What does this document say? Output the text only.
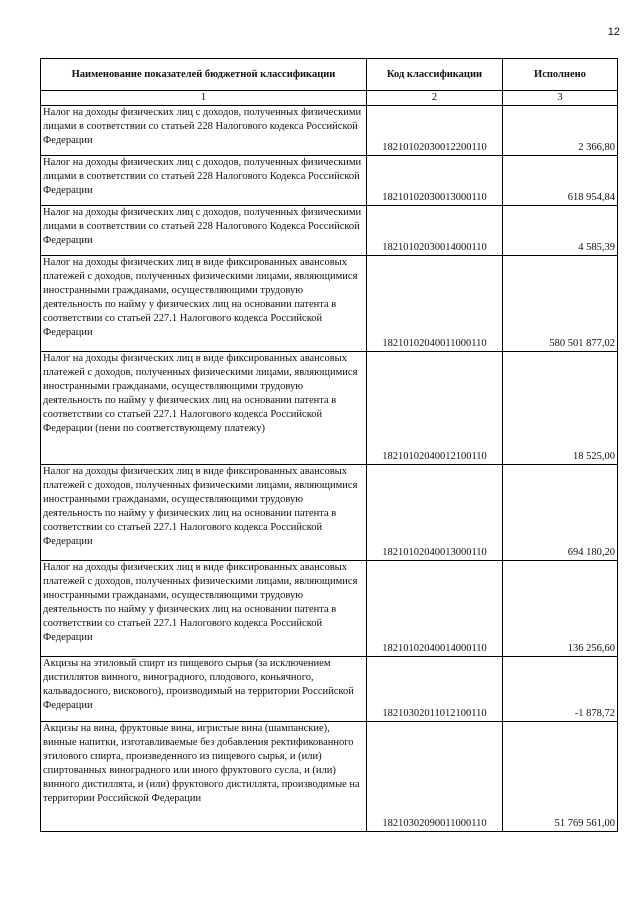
12
Наименование показателей бюджетной классификации	Код классификации	Исполнено
1	2	3
Налог на доходы физических лиц с доходов, полученных физическими лицами в соответствии со статьей 228 Налогового кодекса Российской Федерации	18210102030012200110	2 366,80
Налог на доходы физических лиц с доходов, полученных физическими лицами в соответствии со статьей 228 Налогового Кодекса Российской Федерации	18210102030013000110	618 954,84
Налог на доходы физических лиц с доходов, полученных физическими лицами в соответствии со статьей 228 Налогового Кодекса Российской Федерации	18210102030014000110	4 585,39
Налог на доходы физических лиц в виде фиксированных авансовых платежей с доходов, полученных физическими лицами, являющимися иностранными гражданами, осуществляющими трудовую деятельность по найму у физических лиц на основании патента в соответствии со статьей 227.1 Налогового кодекса Российской Федерации	18210102040011000110	580 501 877,02
Налог на доходы физических лиц в виде фиксированных авансовых платежей с доходов, полученных физическими лицами, являющимися иностранными гражданами, осуществляющими трудовую деятельность по найму у физических лиц на основании патента в соответствии со статьей 227.1 Налогового кодекса Российской Федерации (пени по соответствующему платежу)	18210102040012100110	18 525,00
Налог на доходы физических лиц в виде фиксированных авансовых платежей с доходов, полученных физическими лицами, являющимися иностранными гражданами, осуществляющими трудовую деятельность по найму у физических лиц на основании патента в соответствии со статьей 227.1 Налогового кодекса Российской Федерации	18210102040013000110	694 180,20
Налог на доходы физических лиц в виде фиксированных авансовых платежей с доходов, полученных физическими лицами, являющимися иностранными гражданами, осуществляющими трудовую деятельность по найму у физических лиц на основании патента в соответствии со статьей 227.1 Налогового кодекса Российской Федерации	18210102040014000110	136 256,60
Акцизы на этиловый спирт из пищевого сырья (за исключением дистиллятов винного, виноградного, плодового, коньячного, кальвадосного, вискового), производимый на территории Российской Федерации	18210302011012100110	-1 878,72
Акцизы на вина, фруктовые вина, игристые вина (шампанские), винные напитки, изготавливаемые без добавления ректификованного этилового спирта, произведенного из пищевого сырья, и (или) спиртованных виноградного или иного фруктового сусла, и (или) винного дистиллята, и (или) фруктового дистиллята, производимые на территории Российской Федерации	18210302090011000110	51 769 561,00
